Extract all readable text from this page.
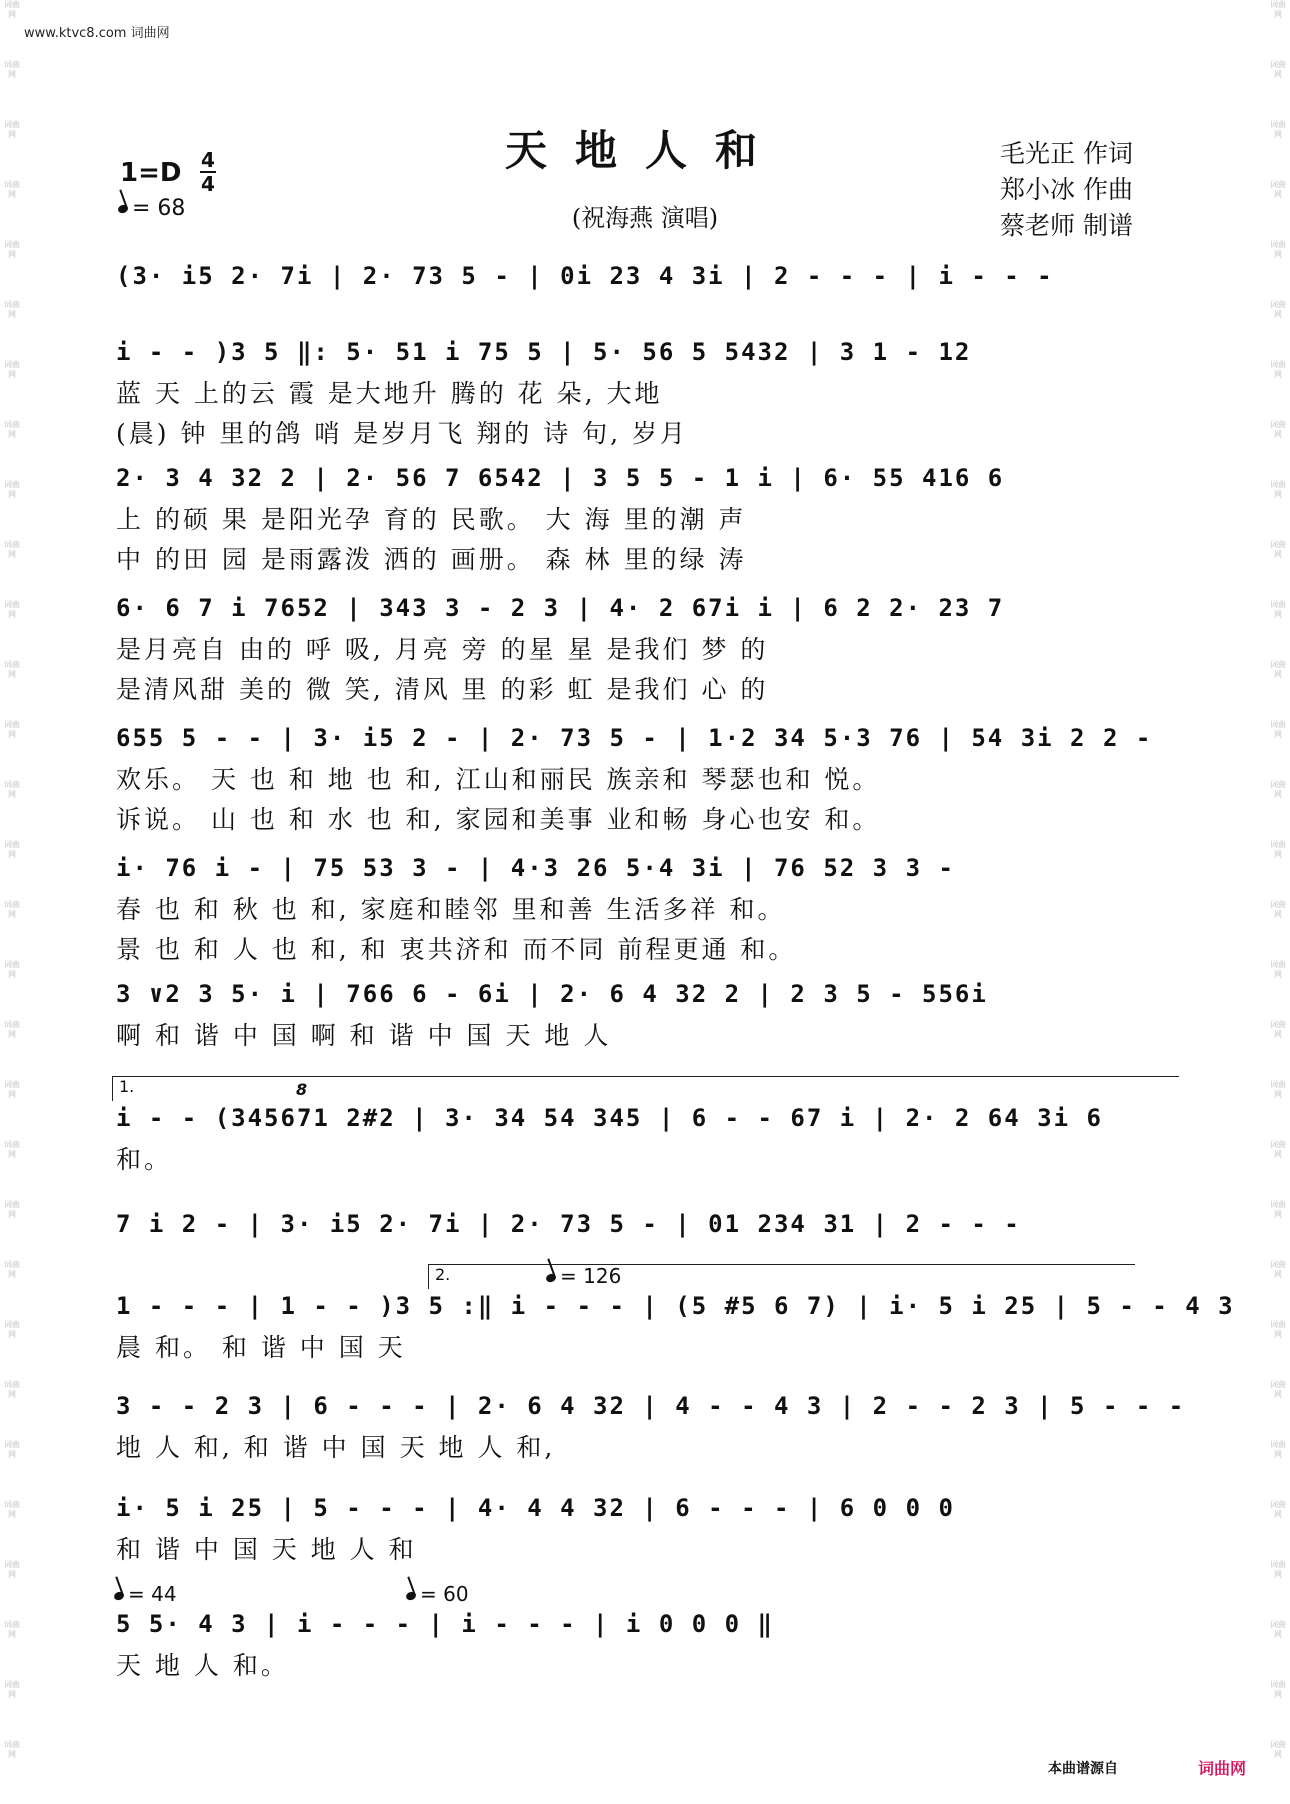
词曲网
词曲网
词曲网
词曲网
词曲网
词曲网
词曲网
词曲网
词曲网
词曲网
词曲网
词曲网
词曲网
词曲网
词曲网
词曲网
词曲网
词曲网
词曲网
词曲网
词曲网
词曲网
词曲网
词曲网
词曲网
词曲网
词曲网
词曲网
词曲网
词曲网
词曲网
词曲网
词曲网
词曲网
词曲网
词曲网
词曲网
词曲网
词曲网
词曲网
词曲网
词曲网
词曲网
词曲网
词曲网
词曲网
词曲网
词曲网
词曲网
词曲网
词曲网
词曲网
词曲网
词曲网
词曲网
词曲网
词曲网
词曲网
词曲网
词曲网
www.ktvc8.com 词曲网
天地人和
(祝海燕 演唱)
1=D 4
4
= 68
毛光正 作词
郑小冰 作曲
蔡老师 制谱
(3· i5 2· 7i | 2· 73 5 - | 0i 23 4 3i | 2 - - - | i - - -
i - - )3 5 ‖: 5· 51 i 75 5 | 5· 56 5 5432 | 3 1 - 12
蓝 天 上的云 霞 是大地升 腾的 花 朵, 大地
(晨) 钟 里的鸽 哨 是岁月飞 翔的 诗 句, 岁月
2· 3 4 32 2 | 2· 56 7 6542 | 3 5 5 - 1 i | 6· 55 416 6
上 的硕 果 是阳光孕 育的 民歌。 大 海 里的潮 声
中 的田 园 是雨露泼 洒的 画册。 森 林 里的绿 涛
6· 6 7 i 7652 | 343 3 - 2 3 | 4· 2 67i i | 6 2 2· 23 7
是月亮自 由的 呼 吸, 月亮 旁 的星 星 是我们 梦 的
是清风甜 美的 微 笑, 清风 里 的彩 虹 是我们 心 的
655 5 - - | 3· i5 2 - | 2· 73 5 - | 1·2 34 5·3 76 | 54 3i 2 2 -
欢乐。 天 也 和 地 也 和, 江山和丽民 族亲和 琴瑟也和 悦。
诉说。 山 也 和 水 也 和, 家园和美事 业和畅 身心也安 和。
i· 76 i - | 75 53 3 - | 4·3 26 5·4 3i | 76 52 3 3 -
春 也 和 秋 也 和, 家庭和睦邻 里和善 生活多祥 和。
景 也 和 人 也 和, 和 衷共济和 而不同 前程更通 和。
3 ∨2 3 5· i | 766 6 - 6i | 2· 6 4 32 2 | 2 3 5 - 556i
啊 和 谐 中 国 啊 和 谐 中 国 天 地 人
1.	8
i - - (345671 2#2 | 3· 34 54 345 | 6 - - 67 i | 2· 2 64 3i 6
和。
7 i 2 - | 3· i5 2· 7i | 2· 73 5 - | 01 234 31 | 2 - - -
2.	= 126
1 - - - | 1 - - )3 5 :‖ i - - - | (5 #5 6 7) | i· 5 i 25 | 5 - - 4 3
晨 和。 和 谐 中 国 天
3 - - 2 3 | 6 - - - | 2· 6 4 32 | 4 - - 4 3 | 2 - - 2 3 | 5 - - -
地 人 和, 和 谐 中 国 天 地 人 和,
i· 5 i 25 | 5 - - - | 4· 4 4 32 | 6 - - - | 6 0 0 0
和 谐 中 国 天 地 人 和
= 44	= 60
5 5· 4 3 | i - - - | i - - - | i 0 0 0 ‖
天 地 人 和。
本曲谱源自	词曲网
